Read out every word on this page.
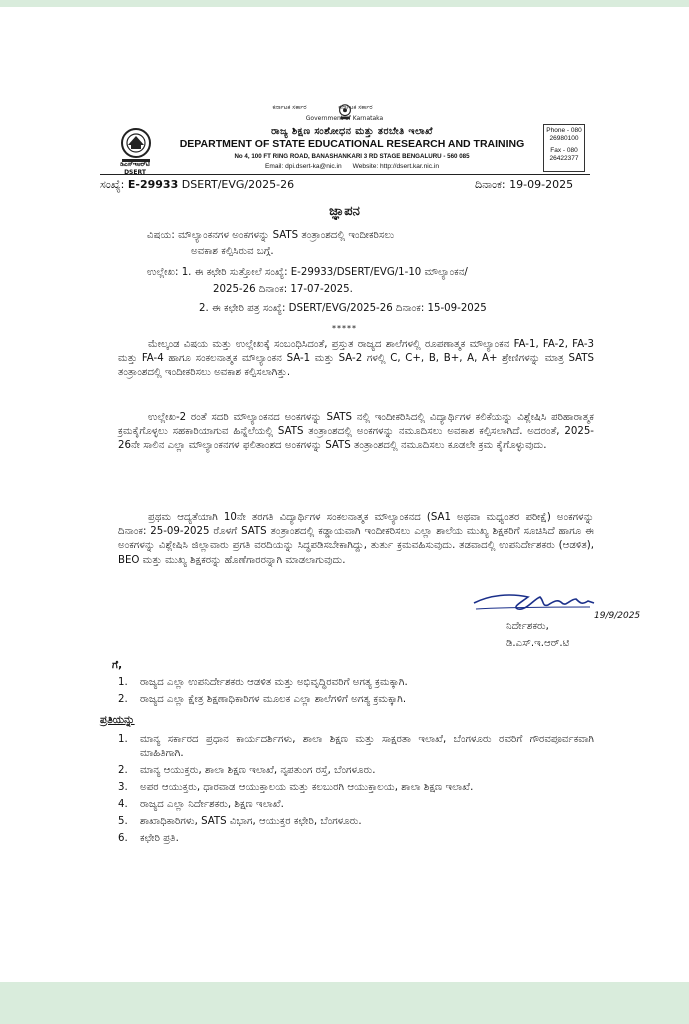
ಕರ್ನಾಟಕ ಸರ್ಕಾರ	ಕರ್ನಾಟಕ ಸರ್ಕಾರ
Government of Karnataka
ಡಿಎಸ್‌ಇಆರ್‌ಟಿ
DSERT
ರಾಜ್ಯ ಶಿಕ್ಷಣ ಸಂಶೋಧನ ಮತ್ತು ತರಬೇತಿ ಇಲಾಖೆ
DEPARTMENT OF STATE EDUCATIONAL RESEARCH AND TRAINING
No 4, 100 FT RING ROAD, BANASHANKARI 3 RD STAGE BENGALURU - 560 085
Email: dpi.dsert-ka@nic.in Website: http://dsert.kar.nic.in
Phone - 080
26980100
Fax - 080
26422377
ಸಂಖ್ಯೆ: E-29933 DSERT/EVG/2025-26	ದಿನಾಂಕ: 19-09-2025
ಜ್ಞಾಪನ
ವಿಷಯ: ಮೌಲ್ಯಾಂಕನಗಳ ಅಂಕಗಳನ್ನು SATS ತಂತ್ರಾಂಶದಲ್ಲಿ ಇಂದೀಕರಿಸಲು
ಅವಕಾಶ ಕಲ್ಪಿಸಿರುವ ಬಗ್ಗೆ.
ಉಲ್ಲೇಖ: 1. ಈ ಕಛೇರಿ ಸುತ್ತೋಲೆ ಸಂಖ್ಯೆ: E-29933/DSERT/EVG/1-10 ಮೌಲ್ಯಾಂಕನ/
2025-26 ದಿನಾಂಕ: 17-07-2025.
2. ಈ ಕಛೇರಿ ಪತ್ರ ಸಂಖ್ಯೆ: DSERT/EVG/2025-26 ದಿನಾಂಕ: 15-09-2025
*****
ಮೇಲ್ಕಂಡ ವಿಷಯ ಮತ್ತು ಉಲ್ಲೇಖಕ್ಕೆ ಸಂಬಂಧಿಸಿದಂತೆ, ಪ್ರಸ್ತುತ ರಾಜ್ಯದ ಶಾಲೆಗಳಲ್ಲಿ ರೂಪಣಾತ್ಮಕ ಮೌಲ್ಯಾಂಕನ FA-1, FA-2, FA-3 ಮತ್ತು FA-4 ಹಾಗೂ ಸಂಕಲನಾತ್ಮಕ ಮೌಲ್ಯಾಂಕನ SA-1 ಮತ್ತು SA-2 ಗಳಲ್ಲಿ C, C+, B, B+, A, A+ ಶ್ರೇಣಿಗಳನ್ನು ಮಾತ್ರ SATS ತಂತ್ರಾಂಶದಲ್ಲಿ ಇಂದೀಕರಿಸಲು ಅವಕಾಶ ಕಲ್ಪಿಸಲಾಗಿತ್ತು.
ಉಲ್ಲೇಖ-2 ರಂತೆ ಸದರಿ ಮೌಲ್ಯಾಂಕನದ ಅಂಕಗಳನ್ನು SATS ನಲ್ಲಿ ಇಂದೀಕರಿಸಿದಲ್ಲಿ ವಿದ್ಯಾರ್ಥಿಗಳ ಕಲಿಕೆಯನ್ನು ವಿಶ್ಲೇಷಿಸಿ ಪರಿಹಾರಾತ್ಮಕ ಕ್ರಮಕೈಗೊಳ್ಳಲು ಸಹಕಾರಿಯಾಗುವ ಹಿನ್ನೆಲೆಯಲ್ಲಿ SATS ತಂತ್ರಾಂಶದಲ್ಲಿ ಅಂಕಗಳನ್ನು ನಮೂದಿಸಲು ಅವಕಾಶ ಕಲ್ಪಿಸಲಾಗಿದೆ. ಅದರಂತೆ, 2025-26ನೇ ಸಾಲಿನ ಎಲ್ಲಾ ಮೌಲ್ಯಾಂಕನಗಳ ಫಲಿತಾಂಶದ ಅಂಕಗಳನ್ನು SATS ತಂತ್ರಾಂಶದಲ್ಲಿ ನಮೂದಿಸಲು ಕೂಡಲೇ ಕ್ರಮ ಕೈಗೊಳ್ಳುವುದು.
ಪ್ರಥಮ ಆದ್ಯತೆಯಾಗಿ 10ನೇ ತರಗತಿ ವಿದ್ಯಾರ್ಥಿಗಳ ಸಂಕಲನಾತ್ಮಕ ಮೌಲ್ಯಾಂಕನದ (SA1 ಅಥವಾ ಮಧ್ಯಂತರ ಪರೀಕ್ಷೆ) ಅಂಕಗಳನ್ನು ದಿನಾಂಕ: 25-09-2025 ರೊಳಗೆ SATS ತಂತ್ರಾಂಶದಲ್ಲಿ ಕಡ್ಡಾಯವಾಗಿ ಇಂದೀಕರಿಸಲು ಎಲ್ಲಾ ಶಾಲೆಯ ಮುಖ್ಯ ಶಿಕ್ಷಕರಿಗೆ ಸೂಚಿಸಿದೆ ಹಾಗೂ ಈ ಅಂಕಗಳನ್ನು ವಿಶ್ಲೇಷಿಸಿ ಜಿಲ್ಲಾವಾರು ಪ್ರಗತಿ ವರದಿಯನ್ನು ಸಿದ್ಧಪಡಿಸಬೇಕಾಗಿದ್ದು, ತುರ್ತು ಕ್ರಮವಹಿಸುವುದು. ತಡವಾದಲ್ಲಿ ಉಪನಿರ್ದೇಶಕರು (ಆಡಳಿತ), BEO ಮತ್ತು ಮುಖ್ಯ ಶಿಕ್ಷಕರನ್ನು ಹೊಣೆಗಾರರನ್ನಾಗಿ ಮಾಡಲಾಗುವುದು.
19/9/2025
ನಿರ್ದೇಶಕರು,
ಡಿ.ಎಸ್.ಇ.ಆರ್.ಟಿ
ಗೆ,
1. ರಾಜ್ಯದ ಎಲ್ಲಾ ಉಪನಿರ್ದೇಶಕರು ಆಡಳಿತ ಮತ್ತು ಅಭಿವೃದ್ಧಿರವರಿಗೆ ಅಗತ್ಯ ಕ್ರಮಕ್ಕಾಗಿ.
2. ರಾಜ್ಯದ ಎಲ್ಲಾ ಕ್ಷೇತ್ರ ಶಿಕ್ಷಣಾಧಿಕಾರಿಗಳ ಮೂಲಕ ಎಲ್ಲಾ ಶಾಲೆಗಳಿಗೆ ಅಗತ್ಯ ಕ್ರಮಕ್ಕಾಗಿ.
ಪ್ರತಿಯನ್ನು
1. ಮಾನ್ಯ ಸರ್ಕಾರದ ಪ್ರಧಾನ ಕಾರ್ಯದರ್ಶಿಗಳು, ಶಾಲಾ ಶಿಕ್ಷಣ ಮತ್ತು ಸಾಕ್ಷರತಾ ಇಲಾಖೆ, ಬೆಂಗಳೂರು ರವರಿಗೆ ಗೌರವಪೂರ್ವಕವಾಗಿ ಮಾಹಿತಿಗಾಗಿ.
2. ಮಾನ್ಯ ಆಯುಕ್ತರು, ಶಾಲಾ ಶಿಕ್ಷಣ ಇಲಾಖೆ, ನೃಪತುಂಗ ರಸ್ತೆ, ಬೆಂಗಳೂರು.
3. ಅಪರ ಆಯುಕ್ತರು, ಧಾರವಾಡ ಆಯುಕ್ತಾಲಯ ಮತ್ತು ಕಲಬುರಗಿ ಆಯುಕ್ತಾಲಯ, ಶಾಲಾ ಶಿಕ್ಷಣ ಇಲಾಖೆ.
4. ರಾಜ್ಯದ ಎಲ್ಲಾ ನಿರ್ದೇಶಕರು, ಶಿಕ್ಷಣ ಇಲಾಖೆ.
5. ಶಾಖಾಧಿಕಾರಿಗಳು, SATS ವಿಭಾಗ, ಆಯುಕ್ತರ ಕಛೇರಿ, ಬೆಂಗಳೂರು.
6. ಕಛೇರಿ ಪ್ರತಿ.
